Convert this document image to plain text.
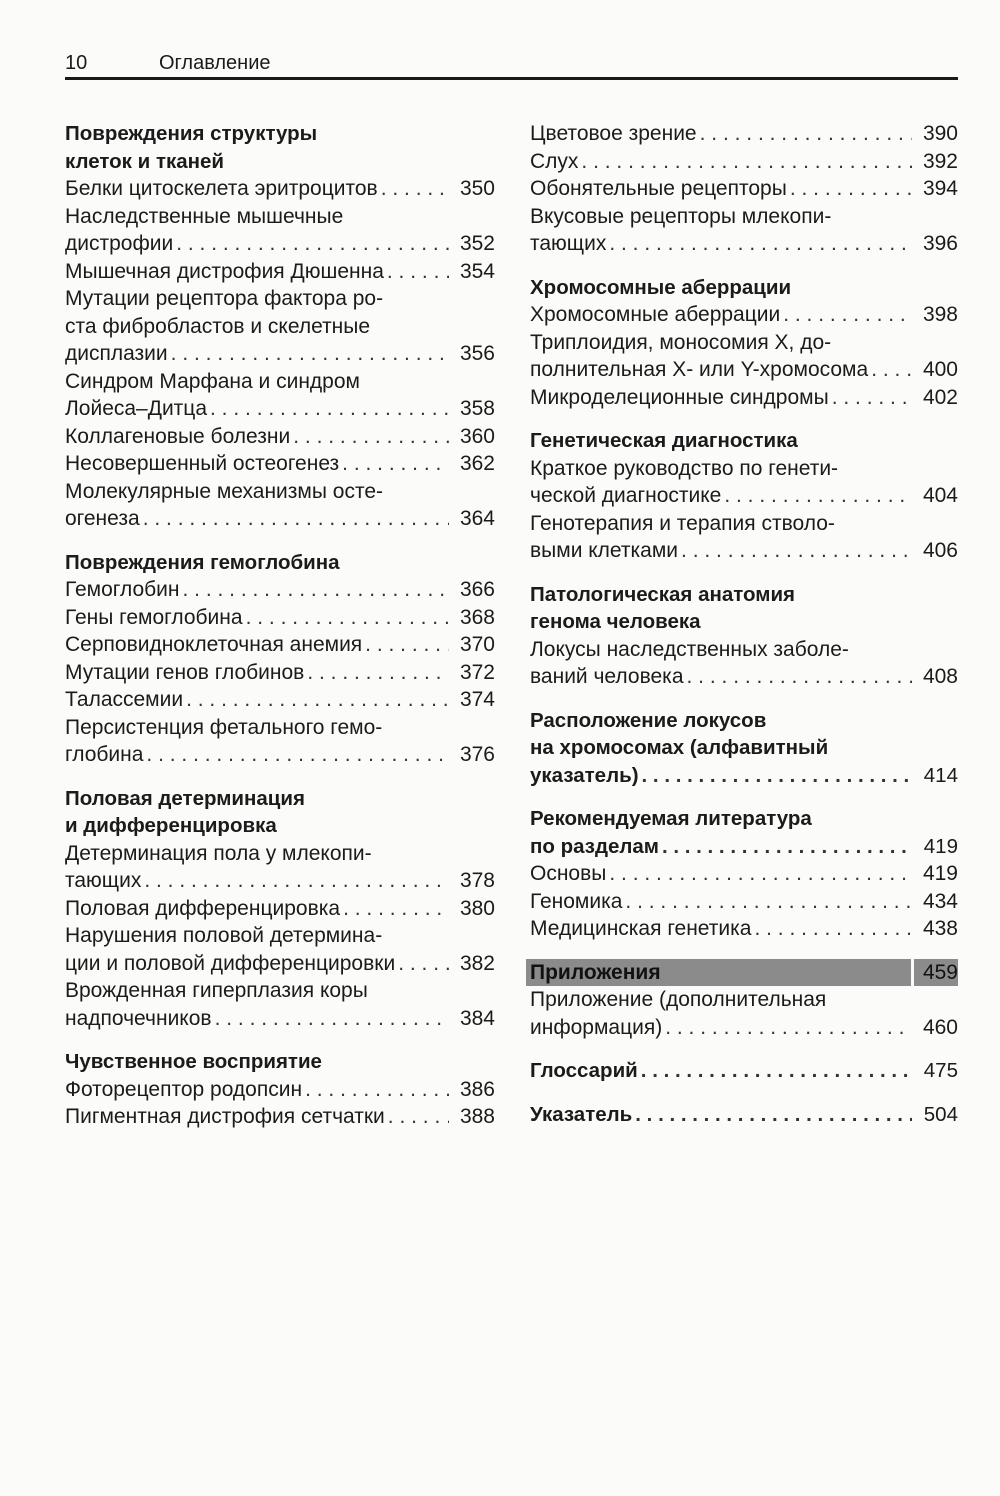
10	Оглавление
Повреждения структуры
клеток и тканей
Белки цитоскелета эритроцитов . . .	350
Наследственные мышечные
дистрофии . . .	352
Мышечная дистрофия Дюшенна . . .	354
Мутации рецептора фактора ро-
ста фибробластов и скелетные
дисплазии . . .	356
Синдром Марфана и синдром
Лойеса–Дитца . . .	358
Коллагеновые болезни . . .	360
Несовершенный остеогенез . . .	362
Молекулярные механизмы осте-
огенеза . . .	364
Повреждения гемоглобина
Гемоглобин . . .	366
Гены гемоглобина . . .	368
Серповидноклеточная анемия . . .	370
Мутации генов глобинов . . .	372
Талассемии . . .	374
Персистенция фетального гемо-
глобина . . .	376
Половая детерминация
и дифференцировка
Детерминация пола у млекопи-
тающих . . .	378
Половая дифференцировка . . .	380
Нарушения половой детермина-
ции и половой дифференцировки . . .	382
Врожденная гиперплазия коры
надпочечников . . .	384
Чувственное восприятие
Фоторецептор родопсин . . .	386
Пигментная дистрофия сетчатки . . .	388
Цветовое зрение . . .	390
Слух . . .	392
Обонятельные рецепторы . . .	394
Вкусовые рецепторы млекопи-
тающих . . .	396
Хромосомные аберрации
Хромосомные аберрации . . .	398
Триплоидия, моносомия X, до-
полнительная X- или Y-хромосома . . .	400
Микроделеционные синдромы . . .	402
Генетическая диагностика
Краткое руководство по генети-
ческой диагностике . . .	404
Генотерапия и терапия стволо-
выми клетками . . .	406
Патологическая анатомия
генома человека
Локусы наследственных заболе-
ваний человека . . .	408
Расположение локусов
на хромосомах (алфавитный
указатель) . . .	414
Рекомендуемая литература
по разделам . . .	419
Основы . . .	419
Геномика . . .	434
Медицинская генетика . . .	438
Приложения	459
Приложение (дополнительная
информация) . . .	460
Глоссарий . . .	475
Указатель . . .	504
